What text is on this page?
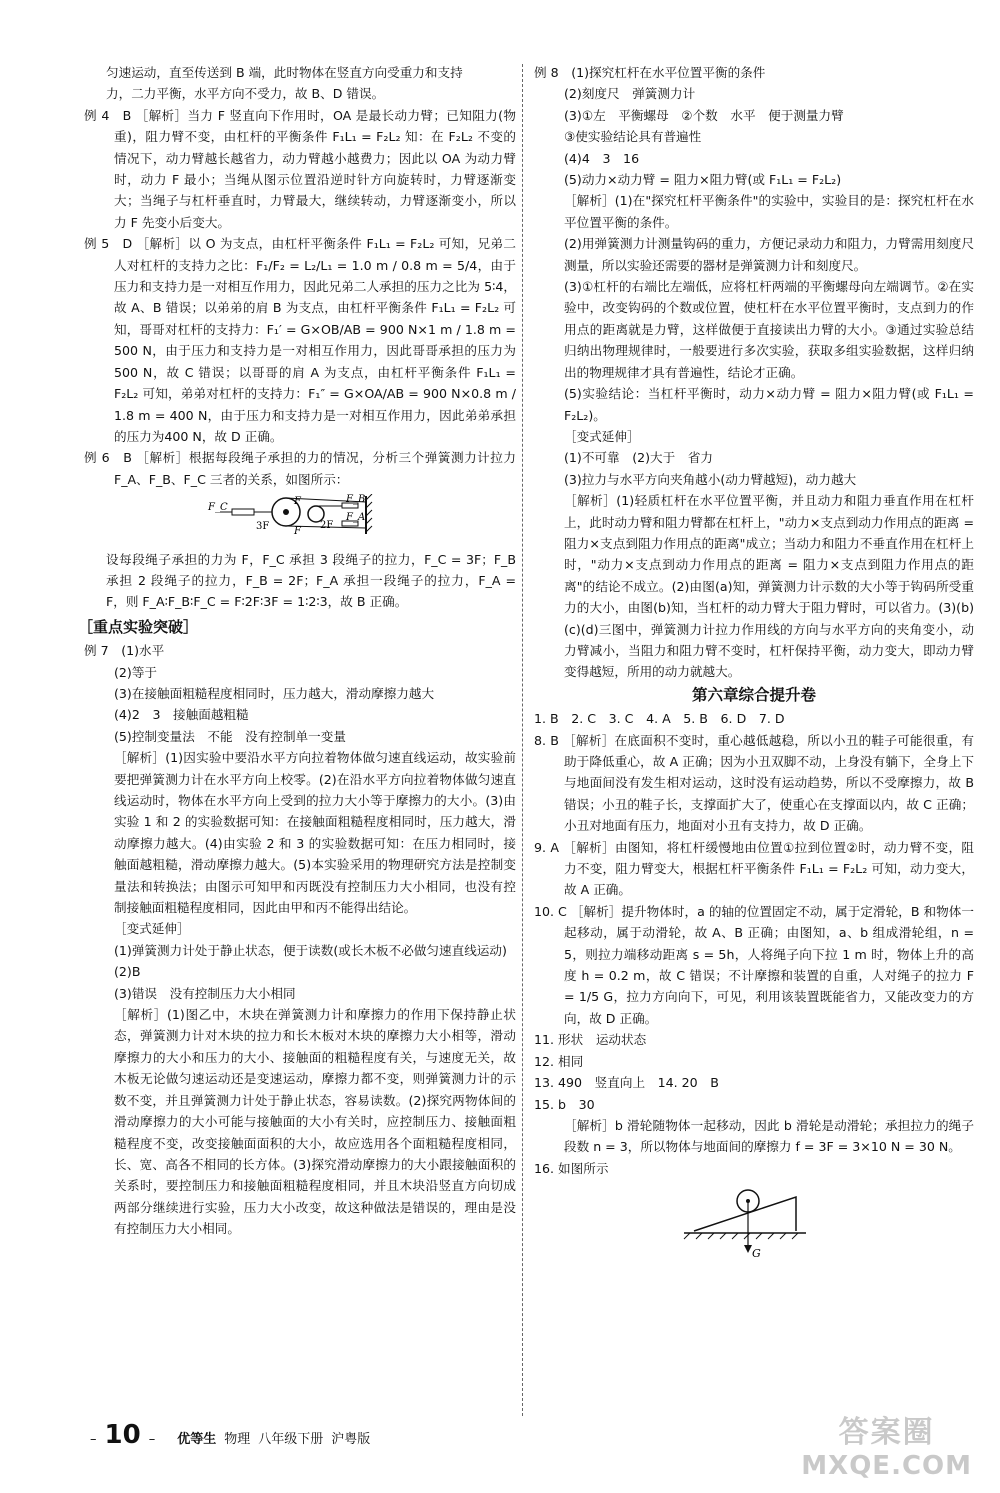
匀速运动，直至传送到 B 端，此时物体在竖直方向受重力和支持

力，二力平衡，水平方向不受力，故 B、D 错误。

例 4　B ［解析］当力 F 竖直向下作用时，OA 是最长动力臂；已知阻力(物重)，阻力臂不变，由杠杆的平衡条件 F₁L₁ = F₂L₂ 知：在 F₂L₂ 不变的情况下，动力臂越长越省力，动力臂越小越费力；因此以 OA 为动力臂时，动力 F 最小；当绳从图示位置沿逆时针方向旋转时，力臂逐渐变大；当绳子与杠杆垂直时，力臂最大，继续转动，力臂逐渐变小，所以力 F 先变小后变大。

例 5　D ［解析］以 O 为支点，由杠杆平衡条件 F₁L₁ = F₂L₂ 可知，兄弟二人对杠杆的支持力之比：F₁/F₂ = L₂/L₁ = 1.0 m / 0.8 m = 5/4，由于压力和支持力是一对相互作用力，因此兄弟二人承担的压力之比为 5∶4，故 A、B 错误；以弟弟的肩 B 为支点，由杠杆平衡条件 F₁L₁ = F₂L₂ 可知，哥哥对杠杆的支持力：F₁′ = G×OB/AB = 900 N×1 m / 1.8 m = 500 N，由于压力和支持力是一对相互作用力，因此哥哥承担的压力为 500 N，故 C 错误；以哥哥的肩 A 为支点，由杠杆平衡条件 F₁L₁ = F₂L₂ 可知，弟弟对杠杆的支持力：F₁″ = G×OA/AB = 900 N×0.8 m / 1.8 m = 400 N，由于压力和支持力是一对相互作用力，因此弟弟承担的压力为400 N，故 D 正确。

例 6　B ［解析］根据每段绳子承担的力的情况，分析三个弹簧测力计拉力 F_A、F_B、F_C 三者的关系，如图所示：

F_C
3F	2F
F
F
F_B
F_A

设每段绳子承担的力为 F，F_C 承担 3 段绳子的拉力，F_C = 3F；F_B 承担 2 段绳子的拉力，F_B = 2F；F_A 承担一段绳子的拉力，F_A = F，则 F_A∶F_B∶F_C = F∶2F∶3F = 1∶2∶3，故 B 正确。

［重点实验突破］

例 7　(1)水平

(2)等于

(3)在接触面粗糙程度相同时，压力越大，滑动摩擦力越大

(4)2　3　接触面越粗糙

(5)控制变量法　不能　没有控制单一变量

［解析］(1)因实验中要沿水平方向拉着物体做匀速直线运动，故实验前要把弹簧测力计在水平方向上校零。(2)在沿水平方向拉着物体做匀速直线运动时，物体在水平方向上受到的拉力大小等于摩擦力的大小。(3)由实验 1 和 2 的实验数据可知：在接触面粗糙程度相同时，压力越大，滑动摩擦力越大。(4)由实验 2 和 3 的实验数据可知：在压力相同时，接触面越粗糙，滑动摩擦力越大。(5)本实验采用的物理研究方法是控制变量法和转换法；由图示可知甲和丙既没有控制压力大小相同，也没有控制接触面粗糙程度相同，因此由甲和丙不能得出结论。

［变式延伸］

(1)弹簧测力计处于静止状态，便于读数(或长木板不必做匀速直线运动)

(2)B

(3)错误　没有控制压力大小相同

［解析］(1)图乙中，木块在弹簧测力计和摩擦力的作用下保持静止状态，弹簧测力计对木块的拉力和长木板对木块的摩擦力大小相等，滑动摩擦力的大小和压力的大小、接触面的粗糙程度有关，与速度无关，故木板无论做匀速运动还是变速运动，摩擦力都不变，则弹簧测力计的示数不变，并且弹簧测力计处于静止状态，容易读数。(2)探究两物体间的滑动摩擦力的大小可能与接触面的大小有关时，应控制压力、接触面粗糙程度不变，改变接触面面积的大小，故应选用各个面粗糙程度相同，长、宽、高各不相同的长方体。(3)探究滑动摩擦力的大小跟接触面积的关系时，要控制压力和接触面粗糙程度相同，并且木块沿竖直方向切成两部分继续进行实验，压力大小改变，故这种做法是错误的，理由是没有控制压力大小相同。

例 8　(1)探究杠杆在水平位置平衡的条件

(2)刻度尺　弹簧测力计

(3)①左　平衡螺母　②个数　水平　便于测量力臂

③使实验结论具有普遍性

(4)4　3　16

(5)动力×动力臂 = 阻力×阻力臂(或 F₁L₁ = F₂L₂)

［解析］(1)在"探究杠杆平衡条件"的实验中，实验目的是：探究杠杆在水平位置平衡的条件。

(2)用弹簧测力计测量钩码的重力，方便记录动力和阻力，力臂需用刻度尺测量，所以实验还需要的器材是弹簧测力计和刻度尺。

(3)①杠杆的右端比左端低，应将杠杆两端的平衡螺母向左端调节。②在实验中，改变钩码的个数或位置，使杠杆在水平位置平衡时，支点到力的作用点的距离就是力臂，这样做便于直接读出力臂的大小。③通过实验总结归纳出物理规律时，一般要进行多次实验，获取多组实验数据，这样归纳出的物理规律才具有普遍性，结论才正确。

(5)实验结论：当杠杆平衡时，动力×动力臂 = 阻力×阻力臂(或 F₁L₁ = F₂L₂)。

［变式延伸］

(1)不可靠　(2)大于　省力

(3)拉力与水平方向夹角越小(动力臂越短)，动力越大

［解析］(1)轻质杠杆在水平位置平衡，并且动力和阻力垂直作用在杠杆上，此时动力臂和阻力臂都在杠杆上，"动力×支点到动力作用点的距离 = 阻力×支点到阻力作用点的距离"成立；当动力和阻力不垂直作用在杠杆上时，"动力×支点到动力作用点的距离 = 阻力×支点到阻力作用点的距离"的结论不成立。(2)由图(a)知，弹簧测力计示数的大小等于钩码所受重力的大小，由图(b)知，当杠杆的动力臂大于阻力臂时，可以省力。(3)(b)(c)(d)三图中，弹簧测力计拉力作用线的方向与水平方向的夹角变小，动力臂减小，当阻力和阻力臂不变时，杠杆保持平衡，动力变大，即动力臂变得越短，所用的动力就越大。

第六章综合提升卷

1. B　2. C　3. C　4. A　5. B　6. D　7. D

8. B ［解析］在底面积不变时，重心越低越稳，所以小丑的鞋子可能很重，有助于降低重心，故 A 正确；因为小丑双脚不动，上身没有躺下，全身上下与地面间没有发生相对运动，这时没有运动趋势，所以不受摩擦力，故 B 错误；小丑的鞋子长，支撑面扩大了，使重心在支撑面以内，故 C 正确；小丑对地面有压力，地面对小丑有支持力，故 D 正确。

9. A ［解析］由图知，将杠杆缓慢地由位置①拉到位置②时，动力臂不变，阻力不变，阻力臂变大，根据杠杆平衡条件 F₁L₁ = F₂L₂ 可知，动力变大，故 A 正确。

10. C ［解析］提升物体时，a 的轴的位置固定不动，属于定滑轮，B 和物体一起移动，属于动滑轮，故 A、B 正确；由图知，a、b 组成滑轮组，n = 5，则拉力端移动距离 s = 5h，人将绳子向下拉 1 m 时，物体上升的高度 h = 0.2 m，故 C 错误；不计摩擦和装置的自重，人对绳子的拉力 F = 1/5 G，拉力方向向下，可见，利用该装置既能省力，又能改变力的方向，故 D 正确。

11. 形状　运动状态

12. 相同

13. 490　竖直向上　14. 20　B

15. b　30

［解析］b 滑轮随物体一起移动，因此 b 滑轮是动滑轮；承担拉力的绳子段数 n = 3，所以物体与地面间的摩擦力 f = 3F = 3×10 N = 30 N。

16. 如图所示

G
– 10 – 优等生 物理 八年级下册 沪粤版	答案圈
MXQE.COM
